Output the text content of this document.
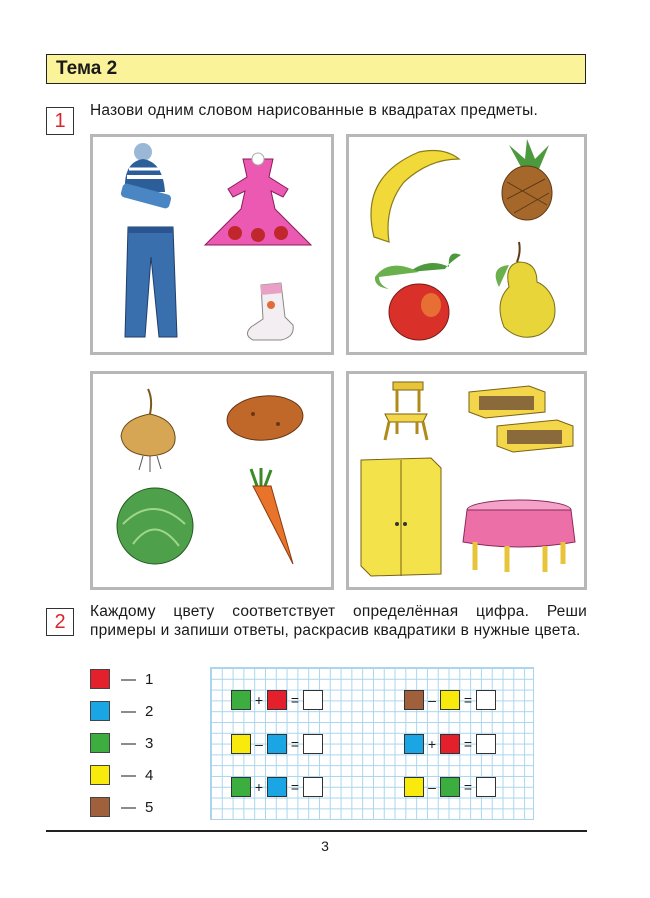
Тема 2
1	Назови одним словом нарисованные в квадратах предметы.
2	Каждому цвету соответствует определённая цифра. Реши примеры и запиши ответы, раскрасив квадратики в нужные цвета.
— 1
— 2
— 3
— 4
— 5
+ =	– =
– =	+ =
+ =	– =
3
